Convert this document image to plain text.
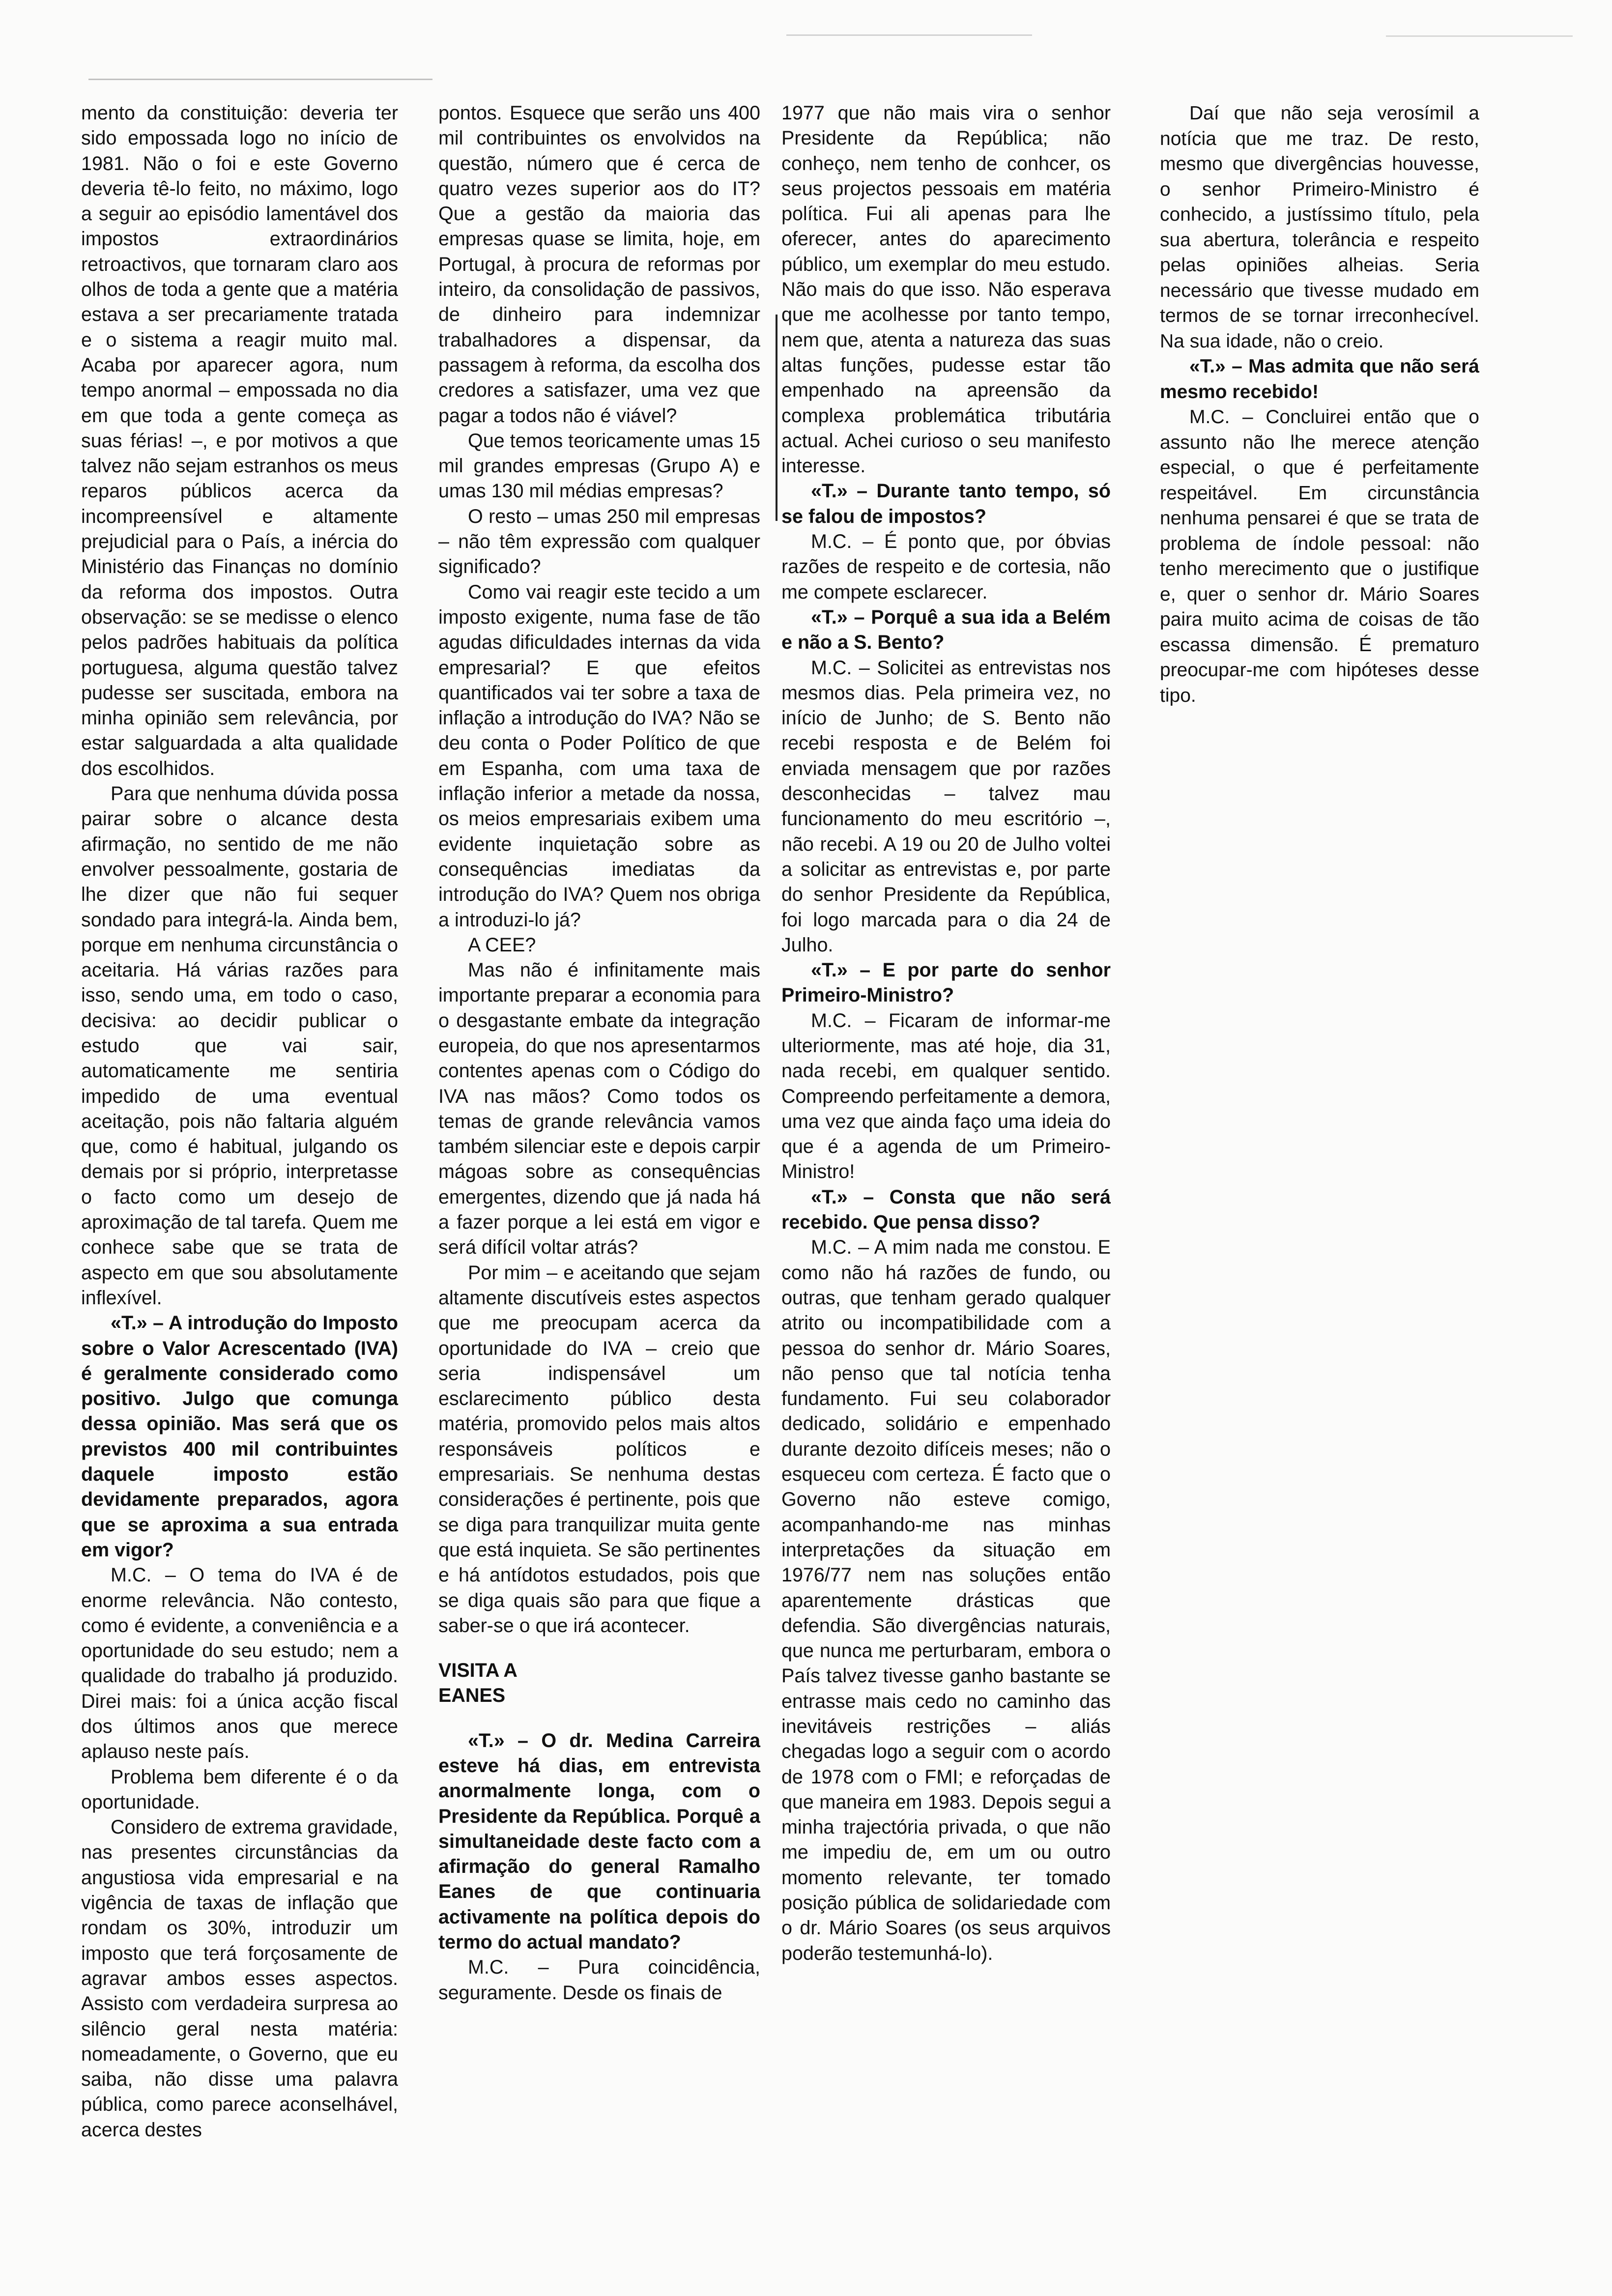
mento da constituição: deveria ter sido empossada logo no início de 1981. Não o foi e este Governo deveria tê-lo feito, no máximo, logo a seguir ao episódio lamentável dos impostos extraordinários retroactivos, que tornaram claro aos olhos de toda a gente que a matéria estava a ser precariamente tratada e o sistema a reagir muito mal. Acaba por aparecer agora, num tempo anormal – empossada no dia em que toda a gente começa as suas férias! –, e por motivos a que talvez não sejam estranhos os meus reparos públicos acerca da incompreensível e altamente prejudicial para o País, a inércia do Ministério das Finanças no domínio da reforma dos impostos. Outra observação: se se medisse o elenco pelos padrões habituais da política portuguesa, alguma questão talvez pudesse ser suscitada, embora na minha opinião sem relevância, por estar salguardada a alta qualidade dos escolhidos.

Para que nenhuma dúvida possa pairar sobre o alcance desta afirmação, no sentido de me não envolver pessoalmente, gostaria de lhe dizer que não fui sequer sondado para integrá-la. Ainda bem, porque em nenhuma circunstância o aceitaria. Há várias razões para isso, sendo uma, em todo o caso, decisiva: ao decidir publicar o estudo que vai sair, automaticamente me sentiria impedido de uma eventual aceitação, pois não faltaria alguém que, como é habitual, julgando os demais por si próprio, interpretasse o facto como um desejo de aproximação de tal tarefa. Quem me conhece sabe que se trata de aspecto em que sou absolutamente inflexível.

«T.» – A introdução do Imposto sobre o Valor Acrescentado (IVA) é geralmente considerado como positivo. Julgo que comunga dessa opinião. Mas será que os previstos 400 mil contribuintes daquele imposto estão devidamente preparados, agora que se aproxima a sua entrada em vigor?

M.C. – O tema do IVA é de enorme relevância. Não contesto, como é evidente, a conveniência e a oportunidade do seu estudo; nem a qualidade do trabalho já produzido. Direi mais: foi a única acção fiscal dos últimos anos que merece aplauso neste país.

Problema bem diferente é o da oportunidade.

Considero de extrema gravidade, nas presentes circunstâncias da angustiosa vida empresarial e na vigência de taxas de inflação que rondam os 30%, introduzir um imposto que terá forçosamente de agravar ambos esses aspectos. Assisto com verdadeira surpresa ao silêncio geral nesta matéria: nomeadamente, o Governo, que eu saiba, não disse uma palavra pública, como parece aconselhável, acerca destes

pontos. Esquece que serão uns 400 mil contribuintes os envolvidos na questão, número que é cerca de quatro vezes superior aos do IT? Que a gestão da maioria das empresas quase se limita, hoje, em Portugal, à procura de reformas por inteiro, da consolidação de passivos, de dinheiro para indemnizar trabalhadores a dispensar, da passagem à reforma, da escolha dos credores a satisfazer, uma vez que pagar a todos não é viável?

Que temos teoricamente umas 15 mil grandes empresas (Grupo A) e umas 130 mil médias empresas?

O resto – umas 250 mil empresas – não têm expressão com qualquer significado?

Como vai reagir este tecido a um imposto exigente, numa fase de tão agudas dificuldades internas da vida empresarial? E que efeitos quantificados vai ter sobre a taxa de inflação a introdução do IVA? Não se deu conta o Poder Político de que em Espanha, com uma taxa de inflação inferior a metade da nossa, os meios empresariais exibem uma evidente inquietação sobre as consequências imediatas da introdução do IVA? Quem nos obriga a introduzi-lo já?

A CEE?

Mas não é infinitamente mais importante preparar a economia para o desgastante embate da integração europeia, do que nos apresentarmos contentes apenas com o Código do IVA nas mãos? Como todos os temas de grande relevância vamos também silenciar este e depois carpir mágoas sobre as consequências emergentes, dizendo que já nada há a fazer porque a lei está em vigor e será difícil voltar atrás?

Por mim – e aceitando que sejam altamente discutíveis estes aspectos que me preocupam acerca da oportunidade do IVA – creio que seria indispensável um esclarecimento público desta matéria, promovido pelos mais altos responsáveis políticos e empresariais. Se nenhuma destas considerações é pertinente, pois que se diga para tranquilizar muita gente que está inquieta. Se são pertinentes e há antídotos estudados, pois que se diga quais são para que fique a saber-se o que irá acontecer.

VISITA A EANES

«T.» – O dr. Medina Carreira esteve há dias, em entrevista anormalmente longa, com o Presidente da República. Porquê a simultaneidade deste facto com a afirmação do general Ramalho Eanes de que continuaria activamente na política depois do termo do actual mandato?

M.C. – Pura coincidência, seguramente. Desde os finais de

1977 que não mais vira o senhor Presidente da República; não conheço, nem tenho de conhcer, os seus projectos pessoais em matéria política. Fui ali apenas para lhe oferecer, antes do aparecimento público, um exemplar do meu estudo. Não mais do que isso. Não esperava que me acolhesse por tanto tempo, nem que, atenta a natureza das suas altas funções, pudesse estar tão empenhado na apreensão da complexa problemática tributária actual. Achei curioso o seu manifesto interesse.

«T.» – Durante tanto tempo, só se falou de impostos?

M.C. – É ponto que, por óbvias razões de respeito e de cortesia, não me compete esclarecer.

«T.» – Porquê a sua ida a Belém e não a S. Bento?

M.C. – Solicitei as entrevistas nos mesmos dias. Pela primeira vez, no início de Junho; de S. Bento não recebi resposta e de Belém foi enviada mensagem que por razões desconhecidas – talvez mau funcionamento do meu escritório –, não recebi. A 19 ou 20 de Julho voltei a solicitar as entrevistas e, por parte do senhor Presidente da República, foi logo marcada para o dia 24 de Julho.

«T.» – E por parte do senhor Primeiro-Ministro?

M.C. – Ficaram de informar-me ulteriormente, mas até hoje, dia 31, nada recebi, em qualquer sentido. Compreendo perfeitamente a demora, uma vez que ainda faço uma ideia do que é a agenda de um Primeiro-Ministro!

«T.» – Consta que não será recebido. Que pensa disso?

M.C. – A mim nada me constou. E como não há razões de fundo, ou outras, que tenham gerado qualquer atrito ou incompatibilidade com a pessoa do senhor dr. Mário Soares, não penso que tal notícia tenha fundamento. Fui seu colaborador dedicado, solidário e empenhado durante dezoito difíceis meses; não o esqueceu com certeza. É facto que o Governo não esteve comigo, acompanhando-me nas minhas interpretações da situação em 1976/77 nem nas soluções então aparentemente drásticas que defendia. São divergências naturais, que nunca me perturbaram, embora o País talvez tivesse ganho bastante se entrasse mais cedo no caminho das inevitáveis restrições – aliás chegadas logo a seguir com o acordo de 1978 com o FMI; e reforçadas de que maneira em 1983. Depois segui a minha trajectória privada, o que não me impediu de, em um ou outro momento relevante, ter tomado posição pública de solidariedade com o dr. Mário Soares (os seus arquivos poderão testemunhá-lo).

Daí que não seja verosímil a notícia que me traz. De resto, mesmo que divergências houvesse, o senhor Primeiro-Ministro é conhecido, a justíssimo título, pela sua abertura, tolerância e respeito pelas opiniões alheias. Seria necessário que tivesse mudado em termos de se tornar irreconhecível. Na sua idade, não o creio.

«T.» – Mas admita que não será mesmo recebido!

M.C. – Concluirei então que o assunto não lhe merece atenção especial, o que é perfeitamente respeitável. Em circunstância nenhuma pensarei é que se trata de problema de índole pessoal: não tenho merecimento que o justifique e, quer o senhor dr. Mário Soares paira muito acima de coisas de tão escassa dimensão. É prematuro preocupar-me com hipóteses desse tipo.
